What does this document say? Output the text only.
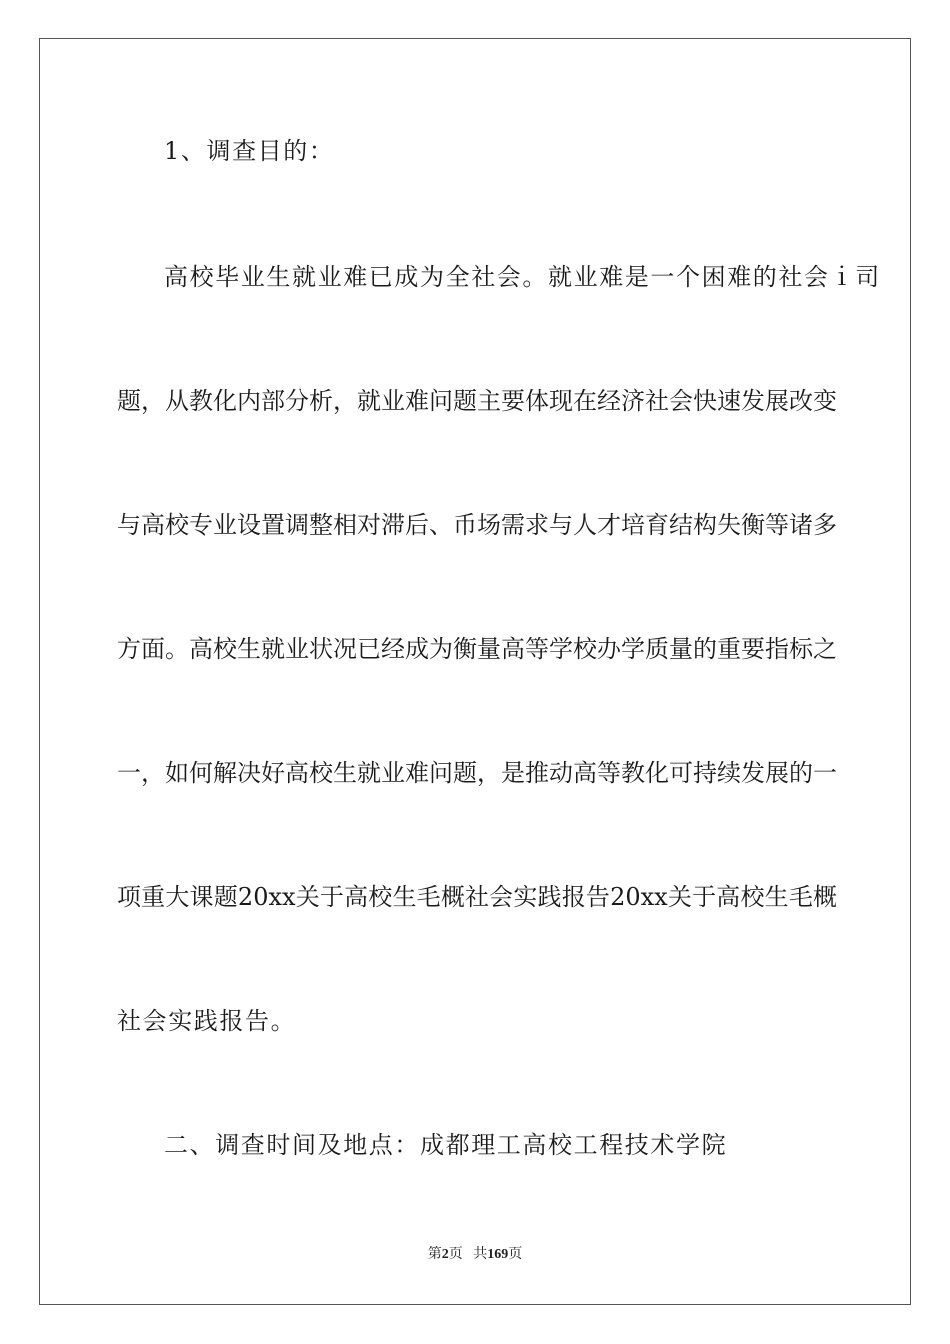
1、调查目的：
高校毕业生就业难已成为全社会。就业难是一个困难的社会ｉ司
题，从教化内部分析，就业难问题主要体现在经济社会快速发展改变
与高校专业设置调整相对滞后、币场需求与人才培育结构失衡等诸多
方面。高校生就业状况已经成为衡量高等学校办学质量的重要指标之
一，如何解决好高校生就业难问题，是推动高等教化可持续发展的一
项重大课题20xx关于高校生毛概社会实践报告20xx关于高校生毛概
社会实践报告。
二、调查时间及地点：成都理工高校工程技术学院
第2页 共169页
